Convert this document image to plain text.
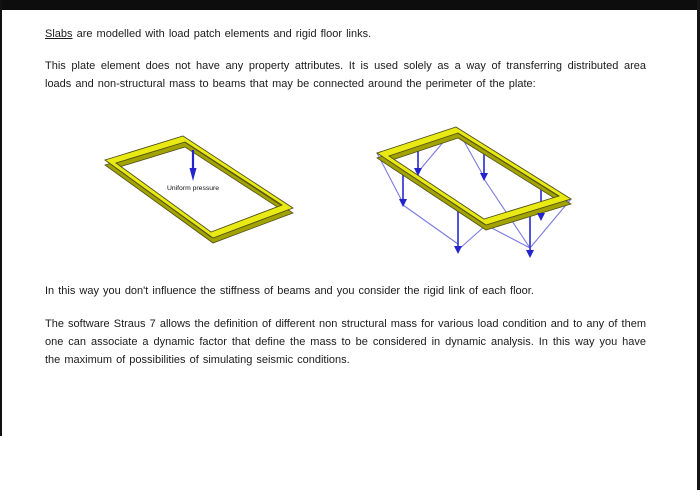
Slabs are modelled with load patch elements and rigid floor links.

This plate element does not have any property attributes. It is used solely as a way of transferring distributed area loads and non-structural mass to beams that may be connected around the perimeter of the plate:

Uniform pressure

In this way you don't influence the stiffness of beams and you consider the rigid link of each floor.

The software Straus 7 allows the definition of different non structural mass for various load condition and to any of them one can associate a dynamic factor that define the mass to be considered in dynamic analysis. In this way you have the maximum of possibilities of simulating seismic conditions.
